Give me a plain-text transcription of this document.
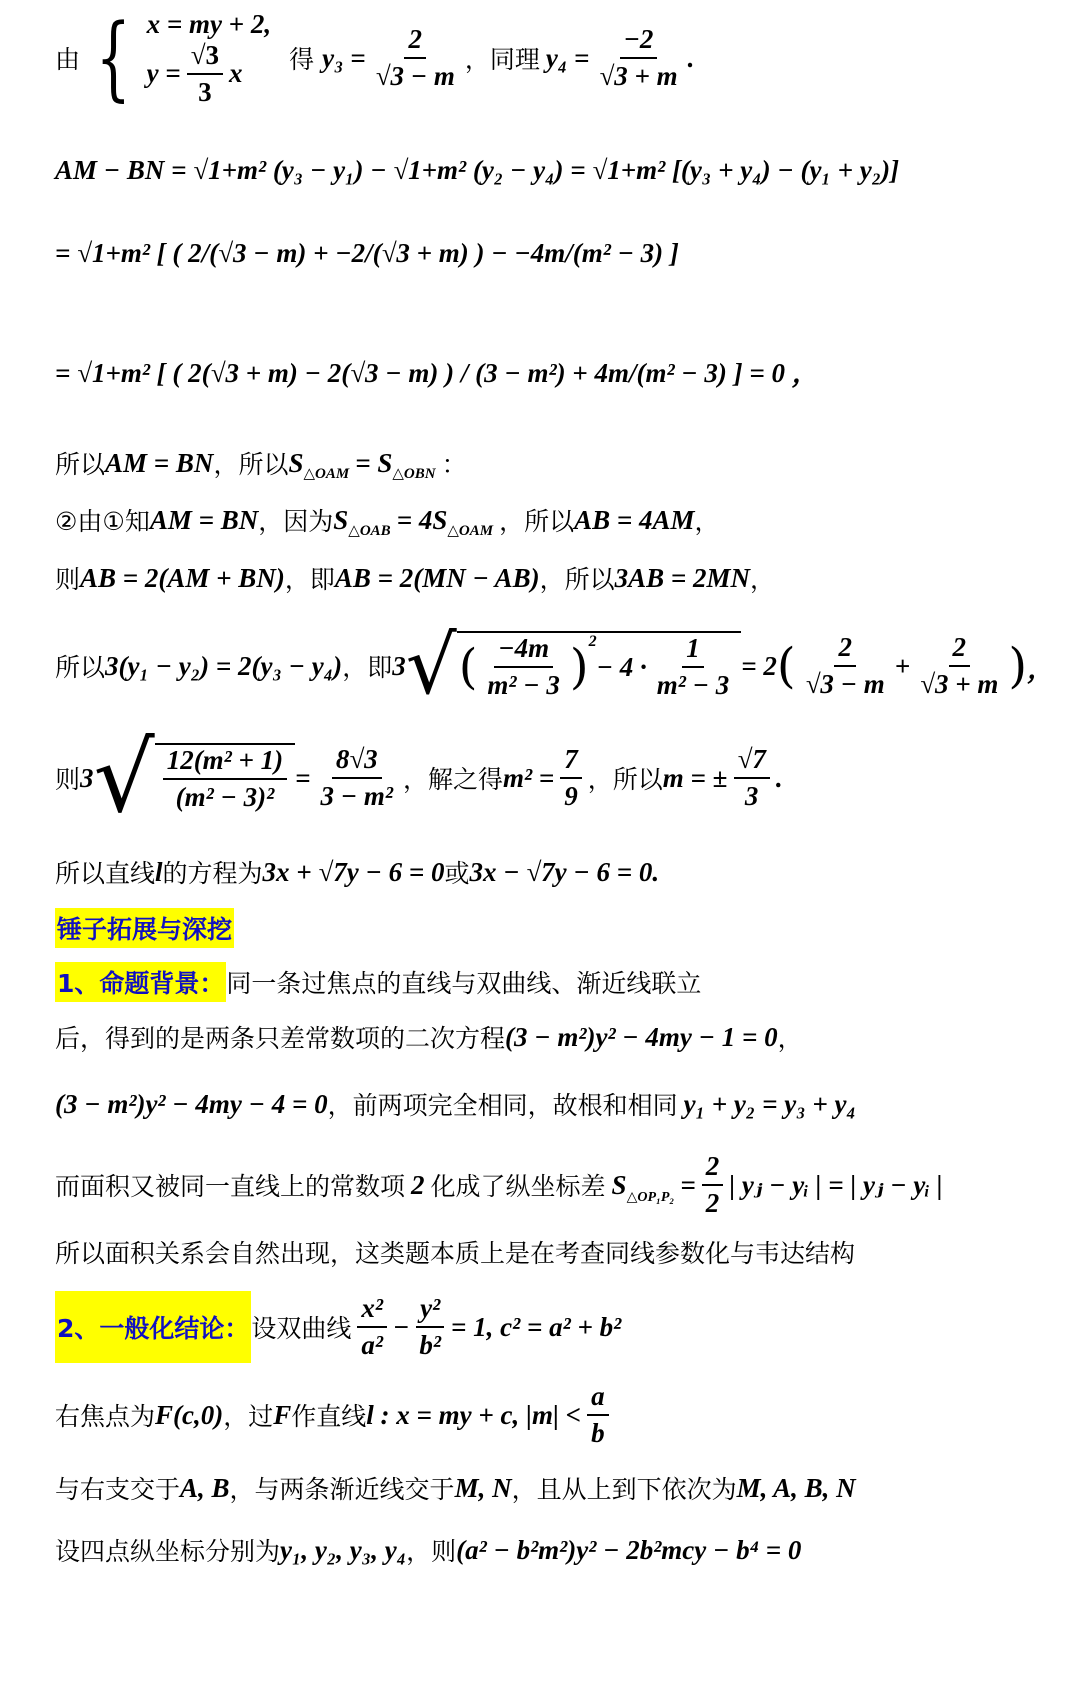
由 { x = my + 2,
$y = \frac{√3}{3}$ x 得 $y_3 = \frac{2}{√3 - m}$ ，同理 $y_4 = \frac{-2}{√3 + m}$ .
AM − BN = √1+m² (y₃ − y₁) − √1+m² (y₂ − y₄) = √1+m² [(y₃ + y₄) − (y₁ + y₂)]
= √1+m² [ ( 2/(√3 − m) + −2/(√3 + m) ) − −4m/(m² − 3) ]
= √1+m² [ ( 2(√3 + m) − 2(√3 − m) ) / (3 − m²) + 4m/(m² − 3) ] = 0 ，
所以 AM = BN ，所以 S △OAM = S △OBN ：
②由①知 AM = BN ，因为 S △OAB = 4S △OAM ，所以 AB = 4AM ，
则 AB = 2(AM + BN) ，即 AB = 2(MN − AB) ，所以 3AB = 2MN ，
所以 3(y₁ − y₂) = 2(y₃ − y₄) ，即 3 √ ( $\frac{-4m}{\text{m² − 3}}$ ) 2
− $4 \cdot \frac{1}{\text{m² − 3}} = 2$ ( $\frac{2}{√3 - m} + \frac{2}{√3 + m}$ ) ，
则 3 √ $\frac{\text{12(m² + 1)}}{\text{(m² − 3)²}} = \frac{8√3}{\text{3 − m²}}$ ，解之得 $m^2 = \frac{7}{9}$ ，所以 m = ± $\frac{√7}{3}$ .
所以直线 l 的方程为 3x + √7y − 6 = 0 或 3x − √7y − 6 = 0 .
锤子拓展与深挖
1、命题背景： 同一条过焦点的直线与双曲线、渐近线联立
后，得到的是两条只差常数项的二次方程 (3 − m²)y² − 4my − 1 = 0 ，
(3 − m²)y² − 4my − 4 = 0 ，前两项完全相同，故根和相同 y₁ + y₂ = y₃ + y₄
而面积又被同一直线上的常数项 2 化成了纵坐标差 S △OP₁P₂ = $\frac{2}{2}$ | yⱼ − yᵢ | = | yⱼ − yᵢ |
所以面积关系会自然出现，这类题本质上是在考查同线参数化与韦达结构
2、一般化结论： 设双曲线 $\frac{\text{x²}}{\text{a²}} - \frac{\text{y²}}{\text{b²}} = 1$, c² = a² + b²
右焦点为 F(c,0) ，过 F 作直线 l : x = my + c, $|m| < \frac{a}{b}$
与右支交于 A, B ，与两条渐近线交于 M, N ，且从上到下依次为 M, A, B, N
设四点纵坐标分别为 y₁, y₂, y₃, y₄ ，则 (a² − b²m²)y² − 2b²mcy − b⁴ = 0
